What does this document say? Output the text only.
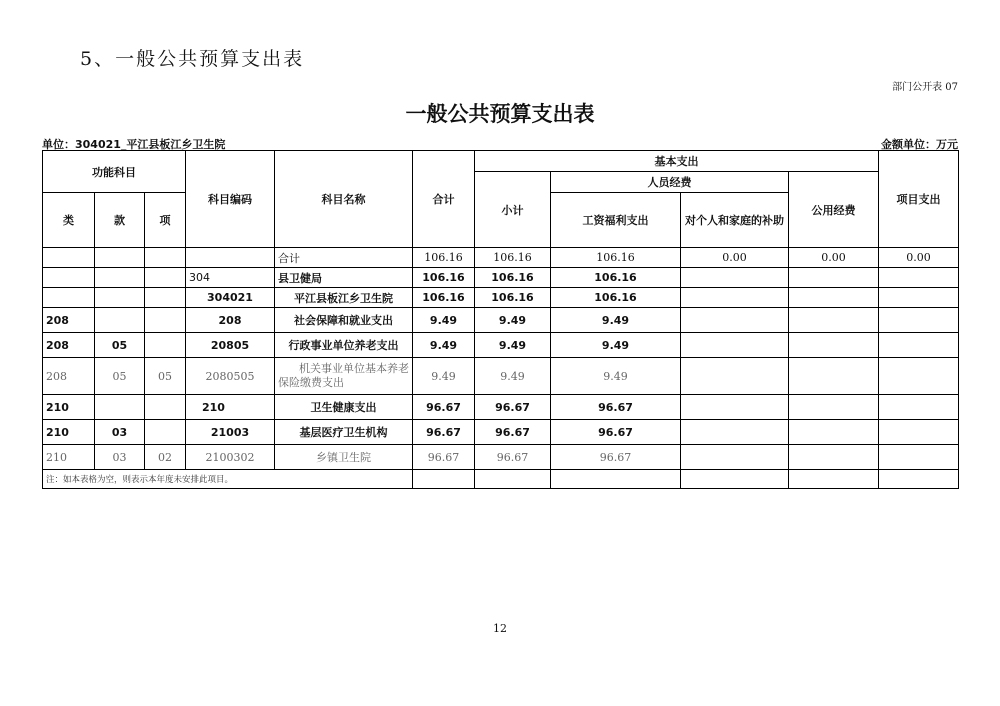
5、一般公共预算支出表
部门公开表 07
一般公共预算支出表
单位：304021_平江县板江乡卫生院	金额单位：万元
功能科目			科目编码	科目名称	合计	基本支出				项目支出
						小计	人员经费		公用经费	
类	款	项					工资福利支出	对个人和家庭的补助		
				合计	106.16	106.16	106.16	0.00	0.00	0.00
			304	县卫健局	106.16	106.16	106.16			
			304021	平江县板江乡卫生院	106.16	106.16	106.16			
208			208	社会保障和就业支出	9.49	9.49	9.49			
208	05		20805	行政事业单位养老支出	9.49	9.49	9.49			
208	05	05	2080505	机关事业单位基本养老

保险缴费支出	9.49	9.49	9.49			
210			210	卫生健康支出	96.67	96.67	96.67			
210	03		21003	基层医疗卫生机构	96.67	96.67	96.67			
210	03	02	2100302	乡镇卫生院	96.67	96.67	96.67			
注：如本表格为空，则表示本年度未安排此项目。										
12
